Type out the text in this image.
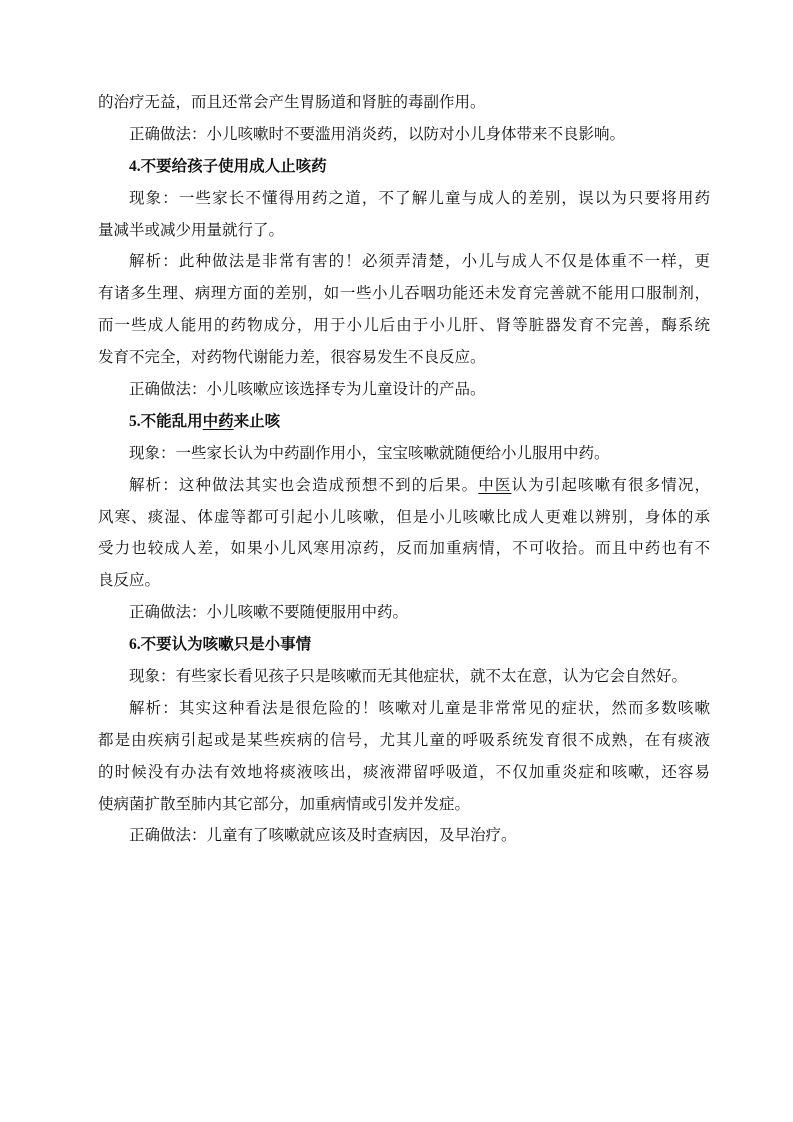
的治疗无益，而且还常会产生胃肠道和肾脏的毒副作用。
正确做法：小儿咳嗽时不要滥用消炎药，以防对小儿身体带来不良影响。
4.不要给孩子使用成人止咳药
现象：一些家长不懂得用药之道，不了解儿童与成人的差别，误以为只要将用药
量减半或减少用量就行了。
解析：此种做法是非常有害的！必须弄清楚，小儿与成人不仅是体重不一样，更
有诸多生理、病理方面的差别，如一些小儿吞咽功能还未发育完善就不能用口服制剂，
而一些成人能用的药物成分，用于小儿后由于小儿肝、肾等脏器发育不完善，酶系统
发育不完全，对药物代谢能力差，很容易发生不良反应。
正确做法：小儿咳嗽应该选择专为儿童设计的产品。
5.不能乱用中药来止咳
现象：一些家长认为中药副作用小，宝宝咳嗽就随便给小儿服用中药。
解析：这种做法其实也会造成预想不到的后果。中医认为引起咳嗽有很多情况，
风寒、痰湿、体虚等都可引起小儿咳嗽，但是小儿咳嗽比成人更难以辨别，身体的承
受力也较成人差，如果小儿风寒用凉药，反而加重病情，不可收拾。而且中药也有不
良反应。
正确做法：小儿咳嗽不要随便服用中药。
6.不要认为咳嗽只是小事情
现象：有些家长看见孩子只是咳嗽而无其他症状，就不太在意，认为它会自然好。
解析：其实这种看法是很危险的！咳嗽对儿童是非常常见的症状，然而多数咳嗽
都是由疾病引起或是某些疾病的信号，尤其儿童的呼吸系统发育很不成熟，在有痰液
的时候没有办法有效地将痰液咳出，痰液滞留呼吸道，不仅加重炎症和咳嗽，还容易
使病菌扩散至肺内其它部分，加重病情或引发并发症。
正确做法：儿童有了咳嗽就应该及时查病因，及早治疗。
